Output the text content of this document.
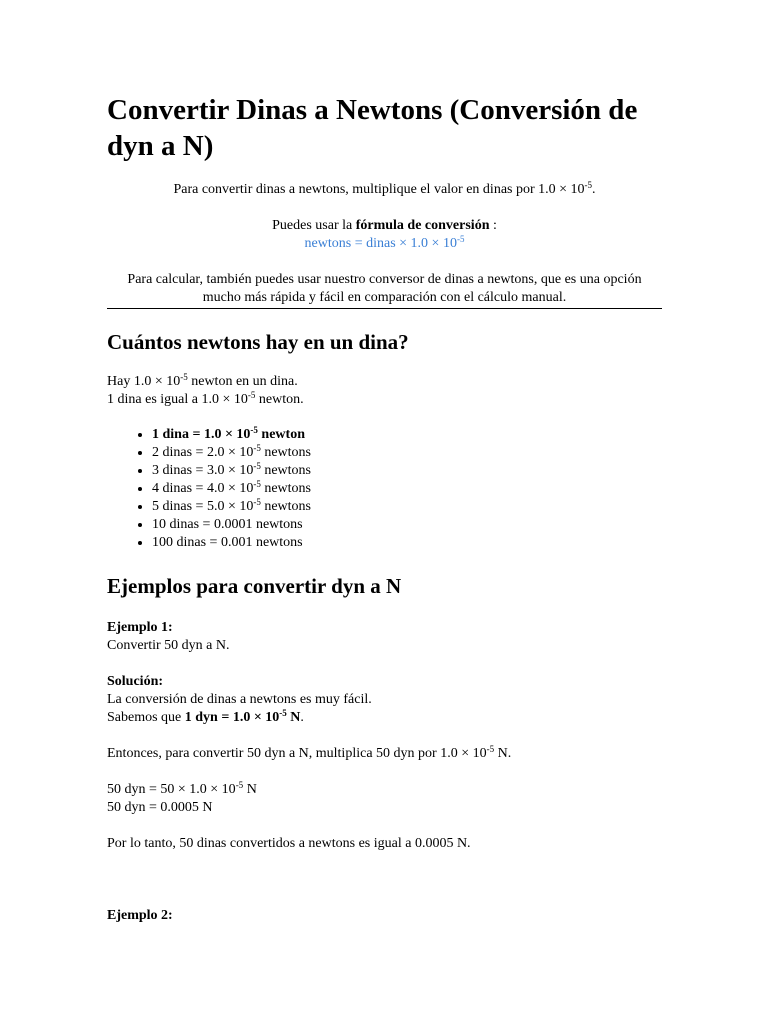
Convertir Dinas a Newtons (Conversión de dyn a N)

Para convertir dinas a newtons, multiplique el valor en dinas por $1.0 \times 10^{-5}$.

Puedes usar la fórmula de conversión :

newtons = dinas × $1.0 \times 10^{-5}$

Para calcular, también puedes usar nuestro conversor de dinas a newtons, que es una opción mucho más rápida y fácil en comparación con el cálculo manual.

Cuántos newtons hay en un dina?

Hay $1.0 \times 10^{-5}$ newton en un dina.

1 dina es igual a $1.0 \times 10^{-5}$ newton.

• 1 dina = $1.0 \times 10^{-5}$ newton
• 2 dinas = $2.0 \times 10^{-5}$ newtons
• 3 dinas = $3.0 \times 10^{-5}$ newtons
• 4 dinas = $4.0 \times 10^{-5}$ newtons
• 5 dinas = $5.0 \times 10^{-5}$ newtons
• 10 dinas = 0.0001 newtons
• 100 dinas = 0.001 newtons
Ejemplos para convertir dyn a N

Ejemplo 1:

Convertir 50 dyn a N.

Solución:

La conversión de dinas a newtons es muy fácil.

Sabemos que 1 dyn = $1.0 \times 10^{-5}$ N.

Entonces, para convertir 50 dyn a N, multiplica 50 dyn por $1.0 \times 10^{-5}$ N.

50 dyn = $50 \times 1.0 \times 10^{-5}$ N

50 dyn = 0.0005 N

Por lo tanto, 50 dinas convertidos a newtons es igual a 0.0005 N.

Ejemplo 2:
